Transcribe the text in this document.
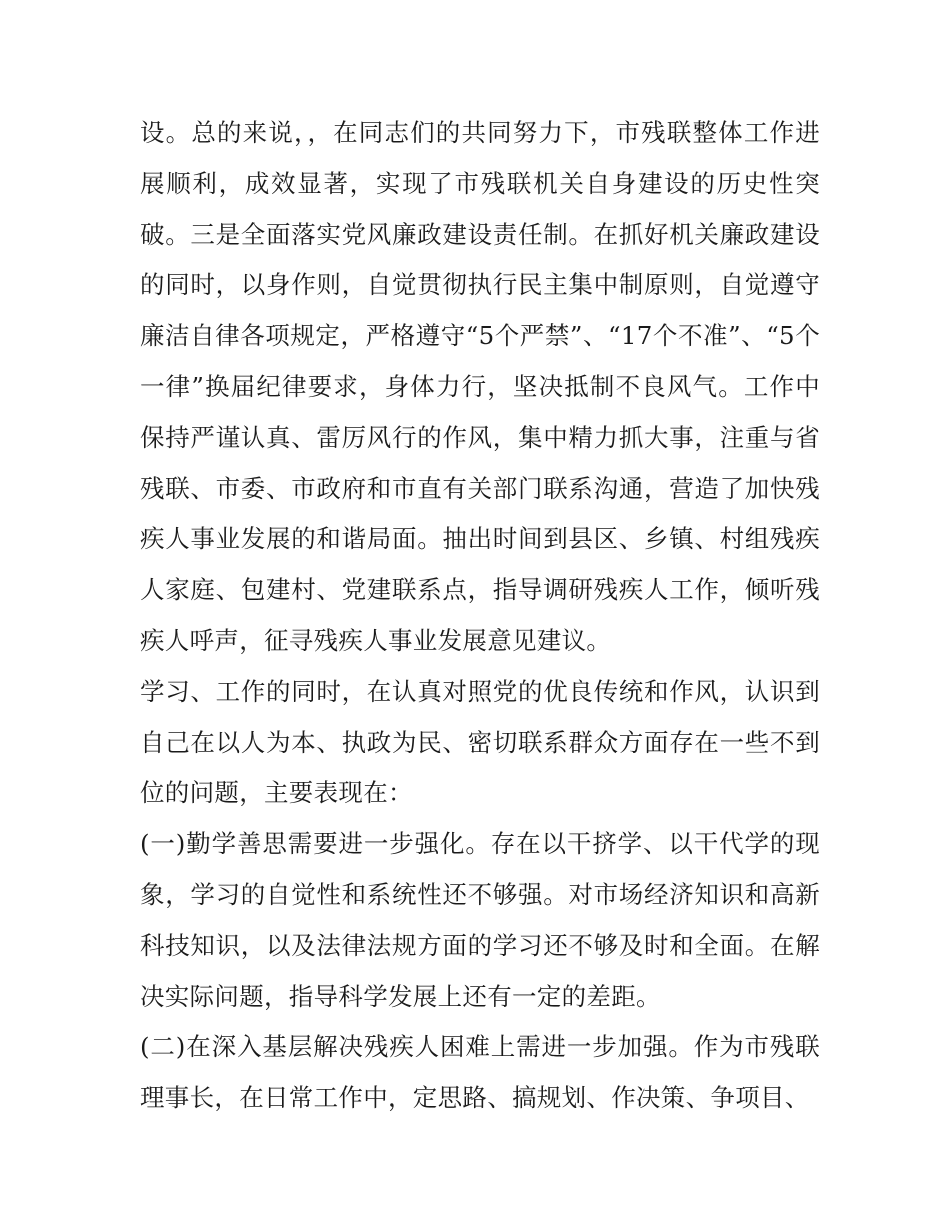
设。总的来说，，在同志们的共同努力下，市残联整体工作进展顺利，成效显著，实现了市残联机关自身建设的历史性突破。三是全面落实党风廉政建设责任制。在抓好机关廉政建设的同时，以身作则，自觉贯彻执行民主集中制原则，自觉遵守廉洁自律各项规定，严格遵守“5个严禁”、“17个不准”、“5个一律”换届纪律要求，身体力行，坚决抵制不良风气。工作中保持严谨认真、雷厉风行的作风，集中精力抓大事，注重与省残联、市委、市政府和市直有关部门联系沟通，营造了加快残疾人事业发展的和谐局面。抽出时间到县区、乡镇、村组残疾人家庭、包建村、党建联系点，指导调研残疾人工作，倾听残疾人呼声，征寻残疾人事业发展意见建议。

学习、工作的同时，在认真对照党的优良传统和作风，认识到自己在以人为本、执政为民、密切联系群众方面存在一些不到位的问题，主要表现在：

(一)勤学善思需要进一步强化。存在以干挤学、以干代学的现象，学习的自觉性和系统性还不够强。对市场经济知识和高新科技知识，以及法律法规方面的学习还不够及时和全面。在解决实际问题，指导科学发展上还有一定的差距。

(二)在深入基层解决残疾人困难上需进一步加强。作为市残联理事长，在日常工作中，定思路、搞规划、作决策、争项目、
